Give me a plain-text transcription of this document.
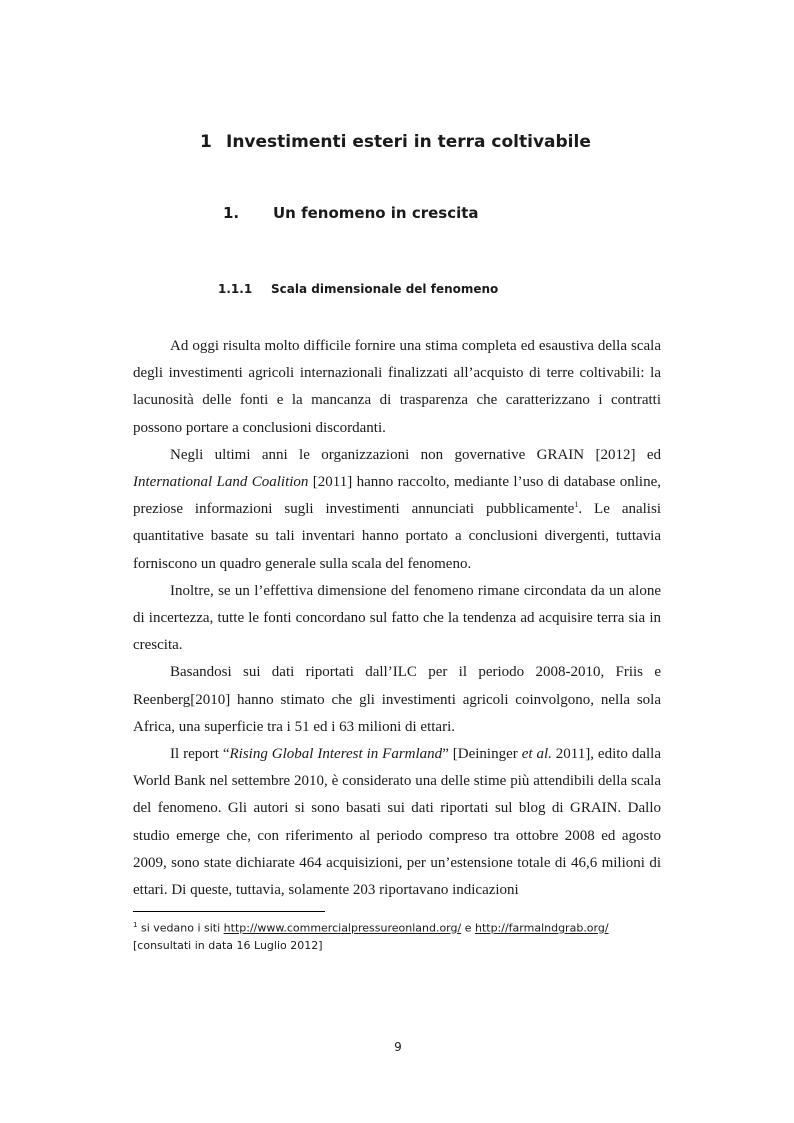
1 Investimenti esteri in terra coltivabile
1. Un fenomeno in crescita
1.1.1 Scala dimensionale del fenomeno

Ad oggi risulta molto difficile fornire una stima completa ed esaustiva della scala degli investimenti agricoli internazionali finalizzati all’acquisto di terre coltivabili: la lacunosità delle fonti e la mancanza di trasparenza che caratterizzano i contratti possono portare a conclusioni discordanti.

Negli ultimi anni le organizzazioni non governative GRAIN [2012] ed International Land Coalition [2011] hanno raccolto, mediante l’uso di database online, preziose informazioni sugli investimenti annunciati pubblicamente$^1$. Le analisi quantitative basate su tali inventari hanno portato a conclusioni divergenti, tuttavia forniscono un quadro generale sulla scala del fenomeno.

Inoltre, se un l’effettiva dimensione del fenomeno rimane circondata da un alone di incertezza, tutte le fonti concordano sul fatto che la tendenza ad acquisire terra sia in crescita.

Basandosi sui dati riportati dall’ILC per il periodo 2008-2010, Friis e Reenberg[2010] hanno stimato che gli investimenti agricoli coinvolgono, nella sola Africa, una superficie tra i 51 ed i 63 milioni di ettari.

Il report “Rising Global Interest in Farmland” [Deininger et al. 2011], edito dalla World Bank nel settembre 2010, è considerato una delle stime più attendibili della scala del fenomeno. Gli autori si sono basati sui dati riportati sul blog di GRAIN. Dallo studio emerge che, con riferimento al periodo compreso tra ottobre 2008 ed agosto 2009, sono state dichiarate 464 acquisizioni, per un’estensione totale di 46,6 milioni di ettari. Di queste, tuttavia, solamente 203 riportavano indicazioni

$^1$ si vedano i siti http://www.commercialpressureonland.org/ e http://farmalndgrab.org/
[consultati in data 16 Luglio 2012]
9
